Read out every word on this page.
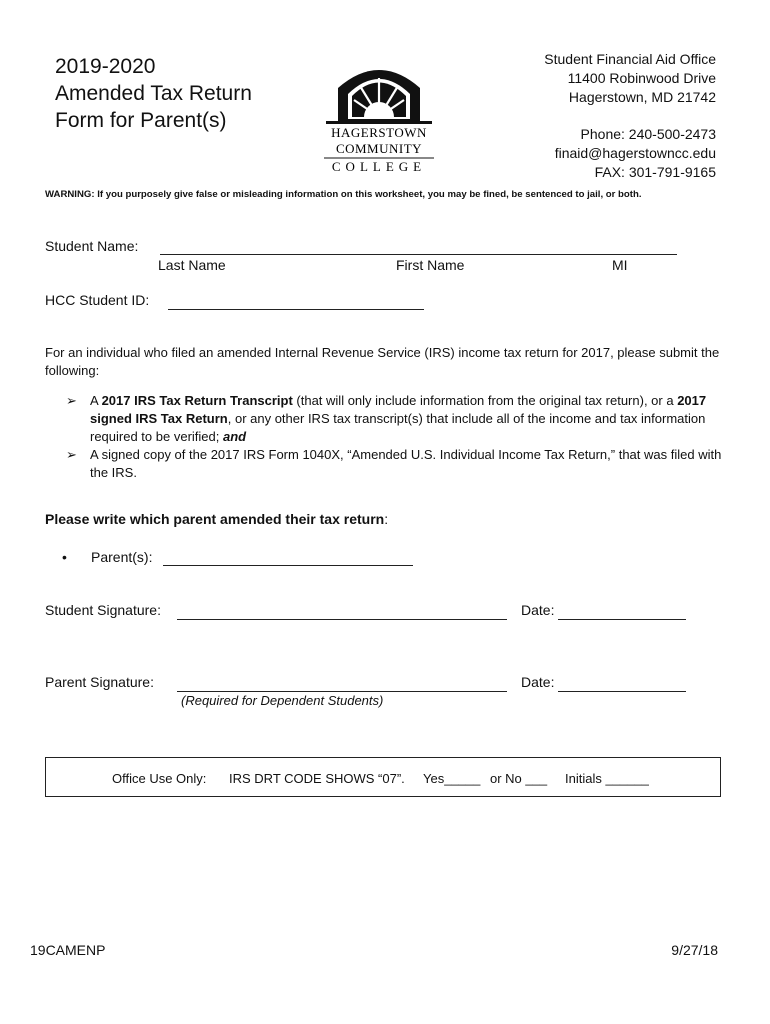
2019-2020
Amended Tax Return
Form for Parent(s)
HAGERSTOWN
COMMUNITY
COLLEGE
Student Financial Aid Office
11400 Robinwood Drive
Hagerstown, MD 21742
Phone: 240-500-2473
finaid@hagerstowncc.edu
FAX: 301-791-9165
WARNING: If you purposely give false or misleading information on this worksheet, you may be fined, be sentenced to jail, or both.
Student Name:
Last Name	First Name	MI
HCC Student ID:
For an individual who filed an amended Internal Revenue Service (IRS) income tax return for 2017, please submit the following:
➢ A 2017 IRS Tax Return Transcript (that will only include information from the original tax return), or a 2017 signed IRS Tax Return, or any other IRS tax transcript(s) that include all of the income and tax information required to be verified; and
➢ A signed copy of the 2017 IRS Form 1040X, “Amended U.S. Individual Income Tax Return,” that was filed with the IRS.
Please write which parent amended their tax return:
• Parent(s):
Student Signature:	Date:
Parent Signature:	Date:
(Required for Dependent Students)
Office Use Only: IRS DRT CODE SHOWS “07”. Yes_____ or No ___ Initials ______
19CAMENP	9/27/18
